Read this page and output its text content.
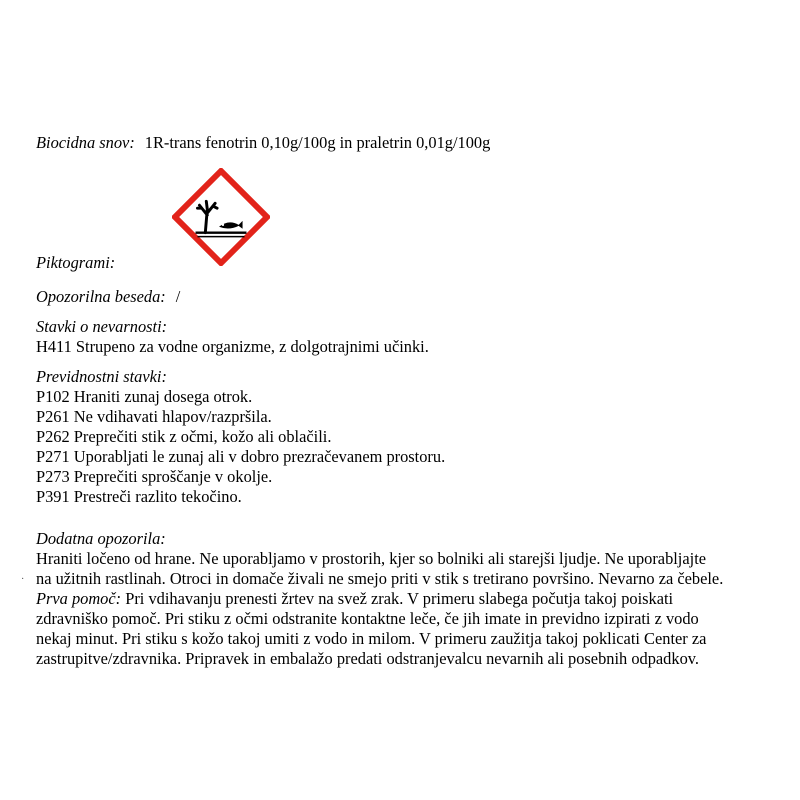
Biocidna snov: 1R-trans fenotrin 0,10g/100g in praletrin 0,01g/100g
Piktogrami:
Opozorilna beseda: /
Stavki o nevarnosti:
H411 Strupeno za vodne organizme, z dolgotrajnimi učinki.
Previdnostni stavki:
P102 Hraniti zunaj dosega otrok.
P261 Ne vdihavati hlapov/razpršila.
P262 Preprečiti stik z očmi, kožo ali oblačili.
P271 Uporabljati le zunaj ali v dobro prezračevanem prostoru.
P273 Preprečiti sproščanje v okolje.
P391 Prestreči razlito tekočino.
Dodatna opozorila:
Hraniti ločeno od hrane. Ne uporabljamo v prostorih, kjer so bolniki ali starejši ljudje. Ne uporabljajte
na užitnih rastlinah. Otroci in domače živali ne smejo priti v stik s tretirano površino. Nevarno za čebele.
Prva pomoč: Pri vdihavanju prenesti žrtev na svež zrak. V primeru slabega počutja takoj poiskati
zdravniško pomoč. Pri stiku z očmi odstranite kontaktne leče, če jih imate in previdno izpirati z vodo
nekaj minut. Pri stiku s kožo takoj umiti z vodo in milom. V primeru zaužitja takoj poklicati Center za
zastrupitve/zdravnika. Pripravek in embalažo predati odstranjevalcu nevarnih ali posebnih odpadkov.
·
